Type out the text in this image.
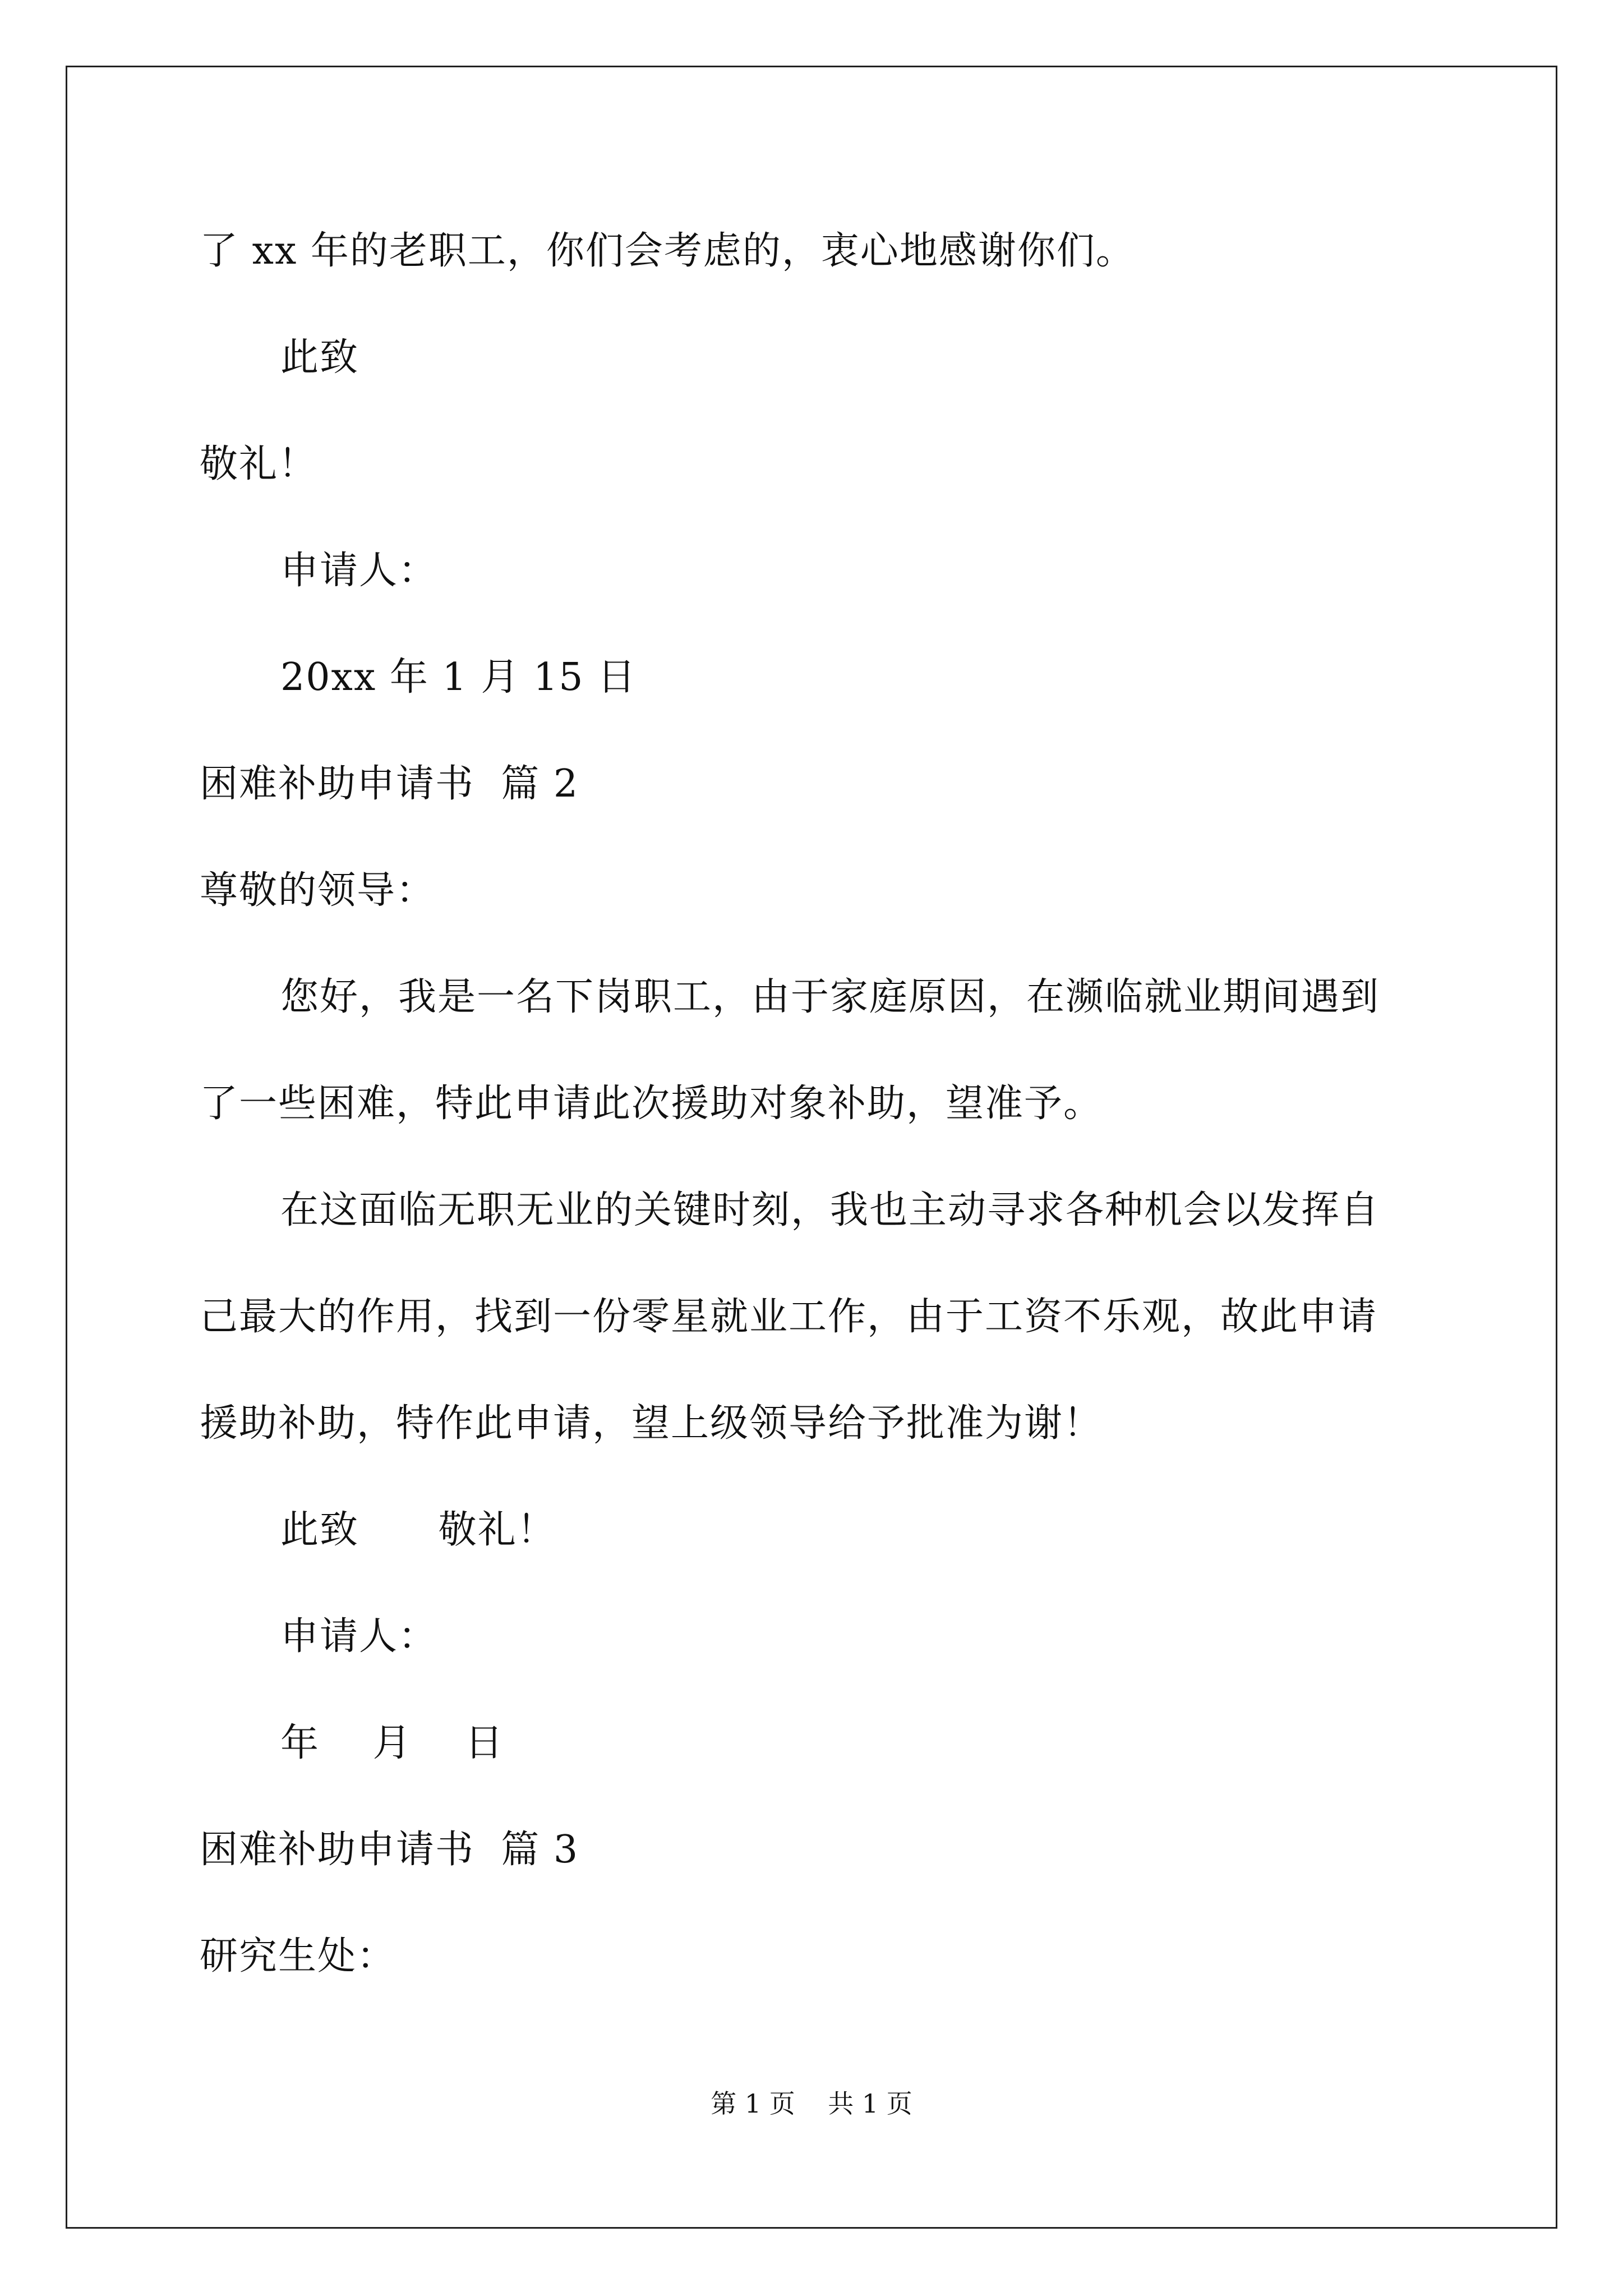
了 xx 年的老职工，你们会考虑的，衷心地感谢你们。
此致
敬礼！
申请人：
20xx 年 1 月 15 日
困难补助申请书  篇 2
尊敬的领导：
您好，我是一名下岗职工，由于家庭原因，在濒临就业期间遇到
了一些困难，特此申请此次援助对象补助，望准予。
在这面临无职无业的关键时刻，我也主动寻求各种机会以发挥自
己最大的作用，找到一份零星就业工作，由于工资不乐观，故此申请
援助补助，特作此申请，望上级领导给予批准为谢！
此致      敬礼！
申请人：
年    月    日
困难补助申请书  篇 3
研究生处：
第 1 页    共 1 页
